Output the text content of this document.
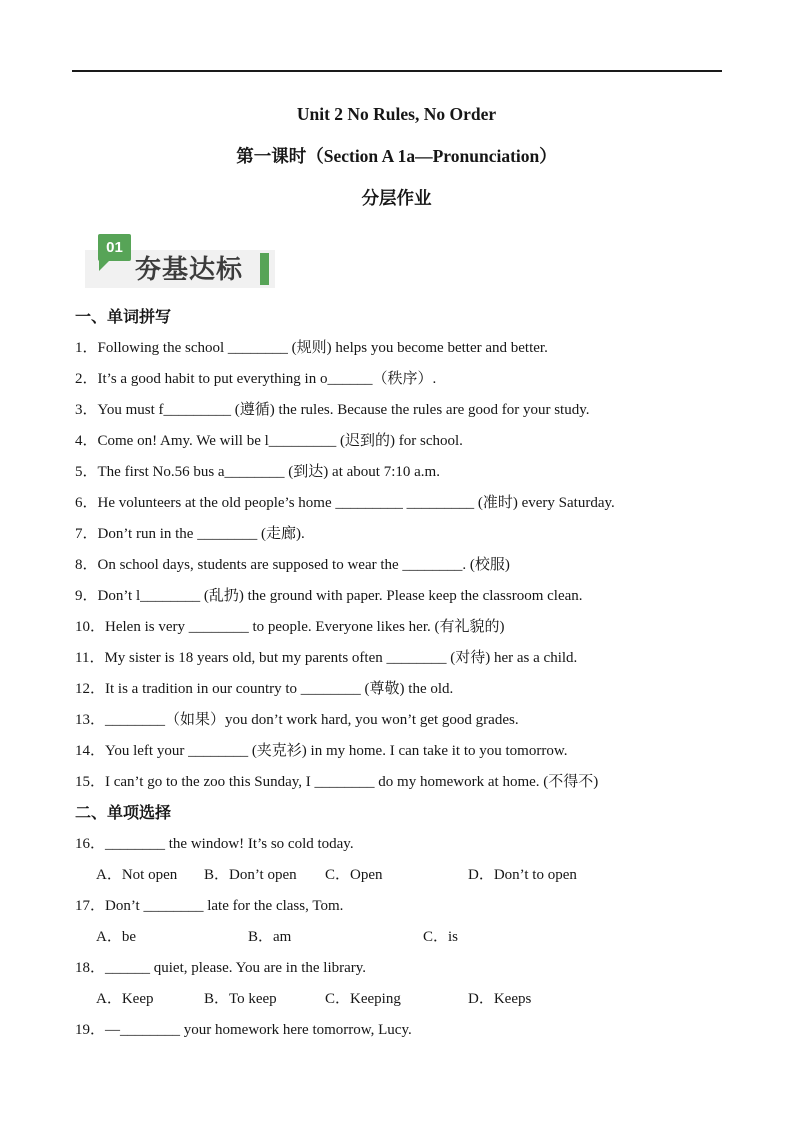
Unit 2 No Rules, No Order
第一课时（Section A 1a—Pronunciation）
分层作业
夯基达标
01
一、单词拼写
1．Following the school ________ (规则) helps you become better and better.
2．It’s a good habit to put everything in o______（秩序）.
3．You must f_________ (遵循) the rules. Because the rules are good for your study.
4．Come on! Amy. We will be l_________ (迟到的) for school.
5．The first No.56 bus a________ (到达) at about 7:10 a.m.
6．He volunteers at the old people’s home _________ _________ (准时) every Saturday.
7．Don’t run in the ________ (走廊).
8．On school days, students are supposed to wear the ________. (校服)
9．Don’t l________ (乱扔) the ground with paper. Please keep the classroom clean.
10．Helen is very ________ to people. Everyone likes her. (有礼貌的)
11．My sister is 18 years old, but my parents often ________ (对待) her as a child.
12．It is a tradition in our country to ________ (尊敬) the old.
13．________（如果）you don’t work hard, you won’t get good grades.
14．You left your ________ (夹克衫) in my home. I can take it to you tomorrow.
15．I can’t go to the zoo this Sunday, I ________ do my homework at home. (不得不)
二、单项选择
16．________ the window! It’s so cold today.
A．Not open B．Don’t open C．Open	D．Don’t to open
17．Don’t ________ late for the class, Tom.
A．be	B．am	C．is
18．______ quiet, please. You are in the library.
A．Keep	B．To keep	C．Keeping	D．Keeps
19．—________ your homework here tomorrow, Lucy.
